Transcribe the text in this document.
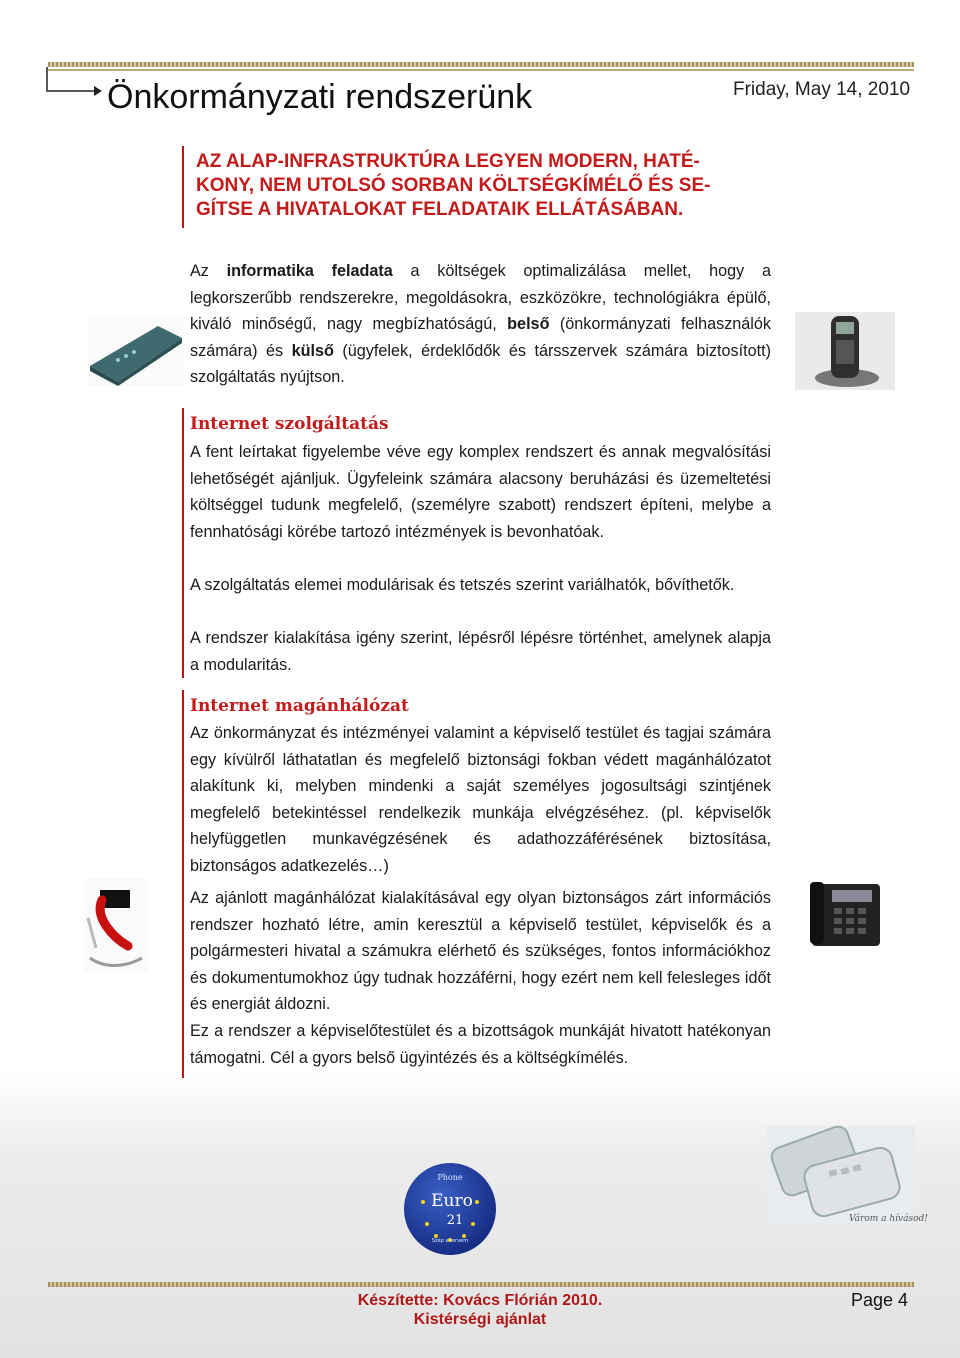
Önkormányzati rendszerünk	Friday, May 14, 2010
AZ ALAP-INFRASTRUKTÚRA LEGYEN MODERN, HATÉ-
KONY, NEM UTOLSÓ SORBAN KÖLTSÉGKÍMÉLŐ ÉS SE-
GÍTSE A HIVATALOKAT FELADATAIK ELLÁTÁSÁBAN.
Az informatika feladata a költségek optimalizálása mellet, hogy a legkorszerűbb rendszerekre, megoldásokra, eszközökre, technológiákra épülő, kiváló minőségű, nagy megbízhatóságú, belső (önkormányzati felhasználók számára) és külső (ügyfelek, érdeklődők és társszervek számára biztosított) szolgáltatás nyújtson.
Internet szolgáltatás
A fent leírtakat figyelembe véve egy komplex rendszert és annak megvalósítási lehetőségét ajánljuk. Ügyfeleink számára alacsony beruházási és üzemeltetési költséggel tudunk megfelelő, (személyre szabott) rendszert építeni, melybe a fennhatósági körébe tartozó intézmények is bevonhatóak.
A szolgáltatás elemei modulárisak és tetszés szerint variálhatók, bővíthetők.
A rendszer kialakítása igény szerint, lépésről lépésre történhet, amelynek alapja a modularitás.
Internet magánhálózat
Az önkormányzat és intézményei valamint a képviselő testület és tagjai számára egy kívülről láthatatlan és megfelelő biztonsági fokban védett magánhálózatot alakítunk ki, melyben mindenki a saját személyes jogosultsági szintjének megfelelő betekintéssel rendelkezik munkája elvégzéséhez. (pl. képviselők helyfüggetlen munkavégzésének és adathozzáférésének biztosítása, biztonságos adatkezelés…)
Az ajánlott magánhálózat kialakításával egy olyan biztonságos zárt információs rendszer hozható létre, amin keresztül a képviselő testület, képviselők és a polgármesteri hivatal a számukra elérhető és szükséges, fontos információkhoz és dokumentumokhoz úgy tudnak hozzáférni, hogy ezért nem kell felesleges időt és energiát áldozni.
Ez a rendszer a képviselőtestület és a bizottságok munkáját hivatott hatékonyan támogatni. Cél a gyors belső ügyintézés és a költségkímélés.
Phone
Euro
21
Szép a tervem
Várom a hívásod!
Készítette: Kovács Flórián 2010.
Kistérségi ajánlat
Page 4
